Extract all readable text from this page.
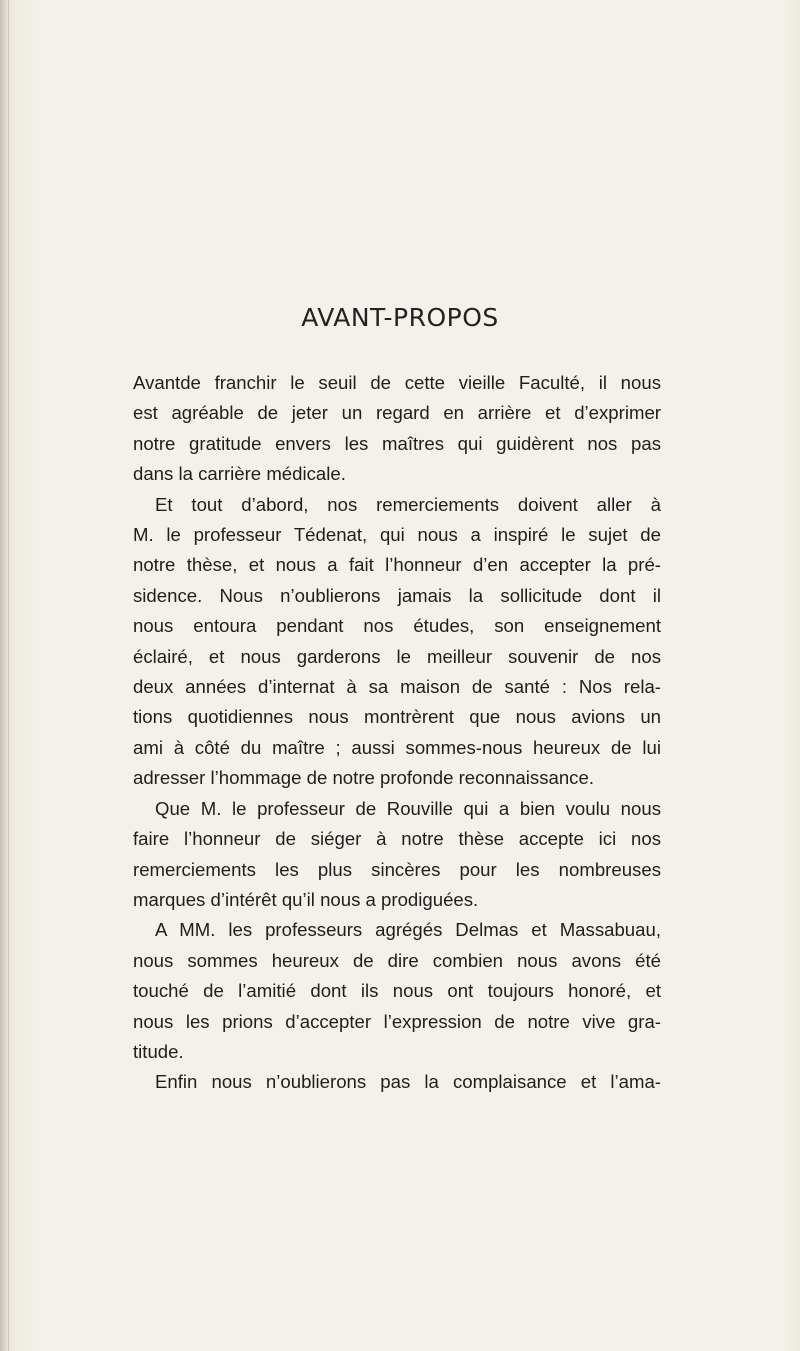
AVANT-PROPOS
Avantde franchir le seuil de cette vieille Faculté, il nous
est agréable de jeter un regard en arrière et d’exprimer
notre gratitude envers les maîtres qui guidèrent nos pas
dans la carrière médicale.
Et tout d’abord, nos remerciements doivent aller à
M. le professeur Tédenat, qui nous a inspiré le sujet de
notre thèse, et nous a fait l’honneur d’en accepter la pré-
sidence. Nous n’oublierons jamais la sollicitude dont il
nous entoura pendant nos études, son enseignement
éclairé, et nous garderons le meilleur souvenir de nos
deux années d’internat à sa maison de santé : Nos rela-
tions quotidiennes nous montrèrent que nous avions un
ami à côté du maître ; aussi sommes-nous heureux de lui
adresser l’hommage de notre profonde reconnaissance.
Que M. le professeur de Rouville qui a bien voulu nous
faire l’honneur de siéger à notre thèse accepte ici nos
remerciements les plus sincères pour les nombreuses
marques d’intérêt qu’il nous a prodiguées.
A MM. les professeurs agrégés Delmas et Massabuau,
nous sommes heureux de dire combien nous avons été
touché de l’amitié dont ils nous ont toujours honoré, et
nous les prions d’accepter l’expression de notre vive gra-
titude.
Enfin nous n’oublierons pas la complaisance et l’ama-
